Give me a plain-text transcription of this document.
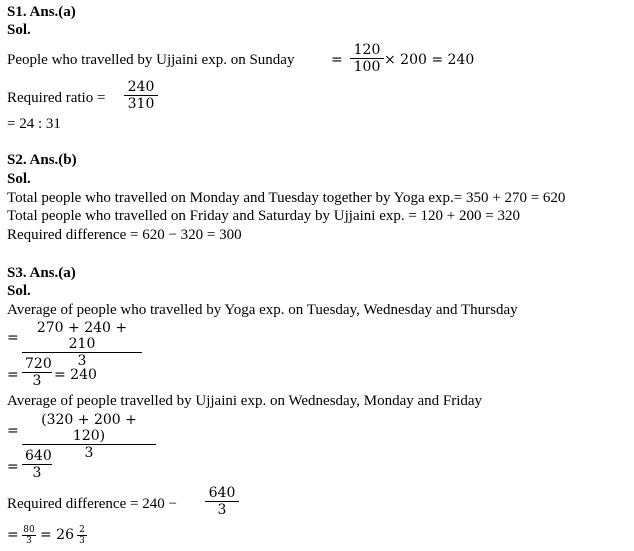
S1. Ans.(a)
Sol.
People who travelled by Ujjaini exp. on Sunday	=
120
100 × 200 = 240
Required ratio =
240
310
= 24 : 31
S2. Ans.(b)
Sol.
Total people who travelled on Monday and Tuesday together by Yoga exp.= 350 + 270 = 620
Total people who travelled on Friday and Saturday by Ujjaini exp. = 120 + 200 = 320
Required difference = 620 − 320 = 300
S3. Ans.(a)
Sol.
Average of people who travelled by Yoga exp. on Tuesday, Wednesday and Thursday
=
270 + 240 + 210
3
=
720
3 = 240
Average of people travelled by Ujjaini exp. on Wednesday, Monday and Friday
=
(320 + 200 + 120)
3
=
640
3
Required difference = 240 −
640
3
= 80
3 = 26 2
3
